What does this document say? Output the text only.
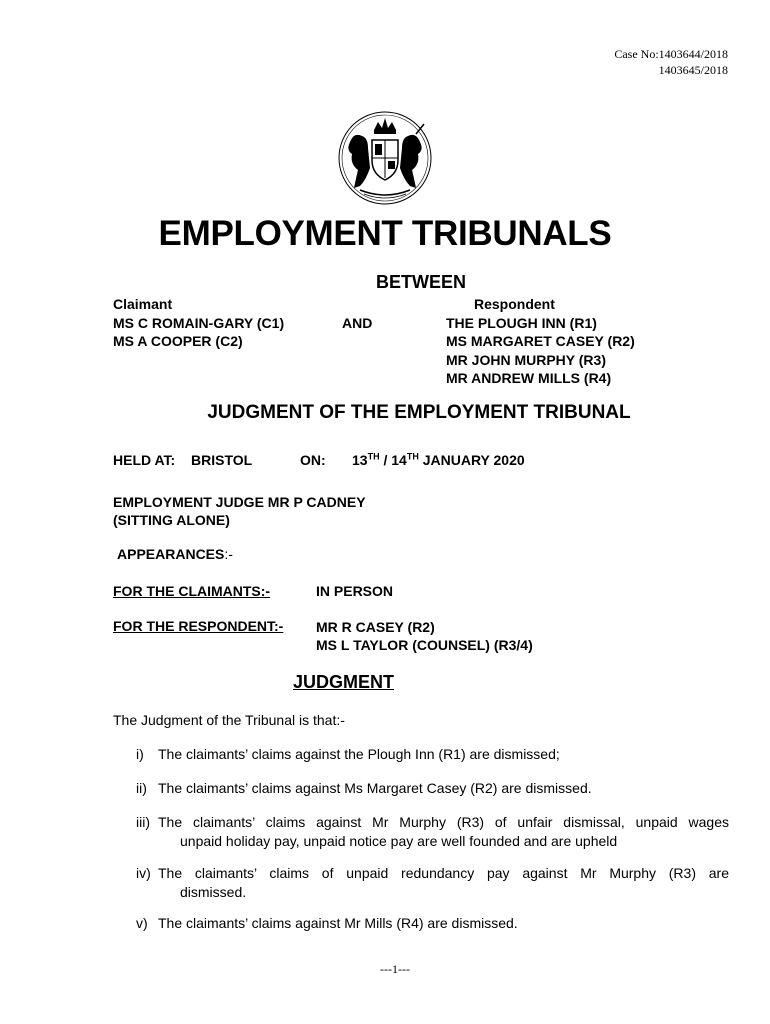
Case No:1403644/2018
1403645/2018
EMPLOYMENT TRIBUNALS
BETWEEN
Claimant
MS C ROMAIN-GARY (C1)
MS A COOPER (C2)
AND
Respondent
THE PLOUGH INN (R1)
MS MARGARET CASEY (R2)
MR JOHN MURPHY (R3)
MR ANDREW MILLS (R4)
JUDGMENT OF THE EMPLOYMENT TRIBUNAL
HELD AT: BRISTOL	ON: 13TH / 14TH JANUARY 2020
EMPLOYMENT JUDGE MR P CADNEY
(SITTING ALONE)
APPEARANCES:-
FOR THE CLAIMANTS:-	IN PERSON
FOR THE RESPONDENT:- MR R CASEY (R2)
MS L TAYLOR (COUNSEL) (R3/4)
JUDGMENT
The Judgment of the Tribunal is that:-
i) The claimants’ claims against the Plough Inn (R1) are dismissed;
ii) The claimants’ claims against Ms Margaret Casey (R2) are dismissed.
iii) The claimants’ claims against Mr Murphy (R3) of unfair dismissal, unpaid wages
unpaid holiday pay, unpaid notice pay are well founded and are upheld
iv) The claimants’ claims of unpaid redundancy pay against Mr Murphy (R3) are
dismissed.
v) The claimants’ claims against Mr Mills (R4) are dismissed.
---1---
